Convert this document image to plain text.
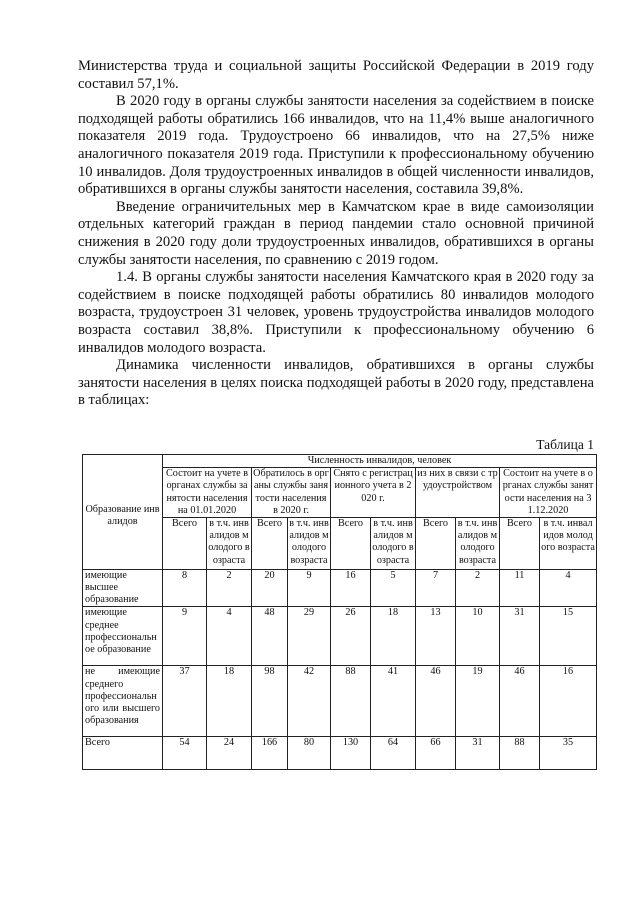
Министерства труда и социальной защиты Российской Федерации в 2019 году составил 57,1%.

В 2020 году в органы службы занятости населения за содействием в поиске подходящей работы обратились 166 инвалидов, что на 11,4% выше аналогичного показателя 2019 года. Трудоустроено 66 инвалидов, что на 27,5% ниже аналогичного показателя 2019 года. Приступили к профессиональному обучению 10 инвалидов. Доля трудоустроенных инвалидов в общей численности инвалидов, обратившихся в органы службы занятости населения, составила 39,8%.

Введение ограничительных мер в Камчатском крае в виде самоизоляции отдельных категорий граждан в период пандемии стало основной причиной снижения в 2020 году доли трудоустроенных инвалидов, обратившихся в органы службы занятости населения, по сравнению с 2019 годом.

1.4. В органы службы занятости населения Камчатского края в 2020 году за содействием в поиске подходящей работы обратились 80 инвалидов молодого возраста, трудоустроен 31 человек, уровень трудоустройства инвалидов молодого возраста составил 38,8%. Приступили к профессиональному обучению 6 инвалидов молодого возраста.

Динамика численности инвалидов, обратившихся в органы службы занятости населения в целях поиска подходящей работы в 2020 году, представлена в таблицах:

Таблица 1
Образование инвалидов	Численность инвалидов, человек									
	Состоит на учете в органах службы занятости населения на 01.01.2020		Обратилось в органы службы занятости населения в 2020 г.		Снято с регистрационного учета в 2020 г.		из них в связи с трудоустройством		Состоит на учете в органах службы занятости населения на 31.12.2020	
	Всего	в т.ч. инвалидов молодого возраста	Всего	в т.ч. инвалидов молодого возраста	Всего	в т.ч. инвалидов молодого возраста	Всего	в т.ч. инвалидов молодого возраста	Всего	в т.ч. инвалидов молодого возраста
имеющие высшее образование	8	2	20	9	16	5	7	2	11	4
имеющие среднее профессиональное образование	9	4	48	29	26	18	13	10	31	15
не имеющие среднего профессионального или высшего образования	37	18	98	42	88	41	46	19	46	16
Всего	54	24	166	80	130	64	66	31	88	35
